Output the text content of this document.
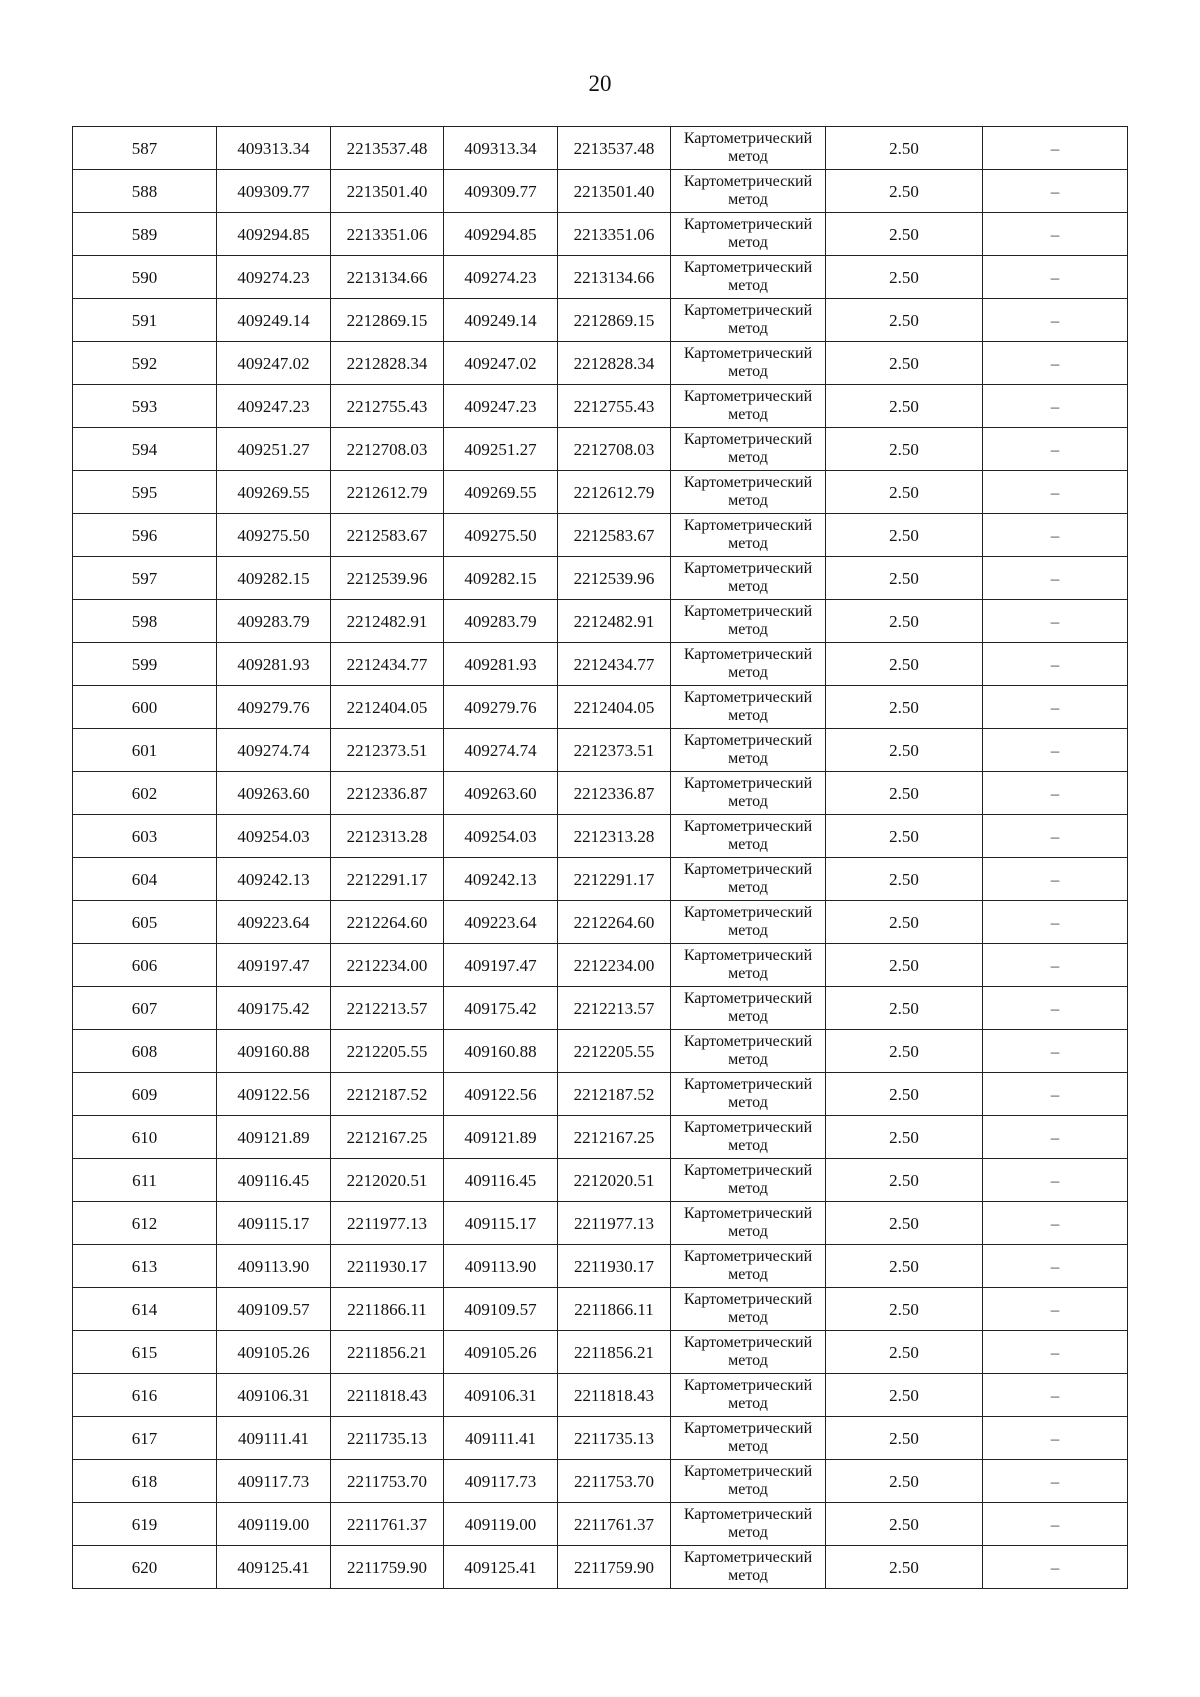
20
587	409313.34	2213537.48	409313.34	2213537.48	Картометрический метод	2.50	–
588	409309.77	2213501.40	409309.77	2213501.40	Картометрический метод	2.50	–
589	409294.85	2213351.06	409294.85	2213351.06	Картометрический метод	2.50	–
590	409274.23	2213134.66	409274.23	2213134.66	Картометрический метод	2.50	–
591	409249.14	2212869.15	409249.14	2212869.15	Картометрический метод	2.50	–
592	409247.02	2212828.34	409247.02	2212828.34	Картометрический метод	2.50	–
593	409247.23	2212755.43	409247.23	2212755.43	Картометрический метод	2.50	–
594	409251.27	2212708.03	409251.27	2212708.03	Картометрический метод	2.50	–
595	409269.55	2212612.79	409269.55	2212612.79	Картометрический метод	2.50	–
596	409275.50	2212583.67	409275.50	2212583.67	Картометрический метод	2.50	–
597	409282.15	2212539.96	409282.15	2212539.96	Картометрический метод	2.50	–
598	409283.79	2212482.91	409283.79	2212482.91	Картометрический метод	2.50	–
599	409281.93	2212434.77	409281.93	2212434.77	Картометрический метод	2.50	–
600	409279.76	2212404.05	409279.76	2212404.05	Картометрический метод	2.50	–
601	409274.74	2212373.51	409274.74	2212373.51	Картометрический метод	2.50	–
602	409263.60	2212336.87	409263.60	2212336.87	Картометрический метод	2.50	–
603	409254.03	2212313.28	409254.03	2212313.28	Картометрический метод	2.50	–
604	409242.13	2212291.17	409242.13	2212291.17	Картометрический метод	2.50	–
605	409223.64	2212264.60	409223.64	2212264.60	Картометрический метод	2.50	–
606	409197.47	2212234.00	409197.47	2212234.00	Картометрический метод	2.50	–
607	409175.42	2212213.57	409175.42	2212213.57	Картометрический метод	2.50	–
608	409160.88	2212205.55	409160.88	2212205.55	Картометрический метод	2.50	–
609	409122.56	2212187.52	409122.56	2212187.52	Картометрический метод	2.50	–
610	409121.89	2212167.25	409121.89	2212167.25	Картометрический метод	2.50	–
611	409116.45	2212020.51	409116.45	2212020.51	Картометрический метод	2.50	–
612	409115.17	2211977.13	409115.17	2211977.13	Картометрический метод	2.50	–
613	409113.90	2211930.17	409113.90	2211930.17	Картометрический метод	2.50	–
614	409109.57	2211866.11	409109.57	2211866.11	Картометрический метод	2.50	–
615	409105.26	2211856.21	409105.26	2211856.21	Картометрический метод	2.50	–
616	409106.31	2211818.43	409106.31	2211818.43	Картометрический метод	2.50	–
617	409111.41	2211735.13	409111.41	2211735.13	Картометрический метод	2.50	–
618	409117.73	2211753.70	409117.73	2211753.70	Картометрический метод	2.50	–
619	409119.00	2211761.37	409119.00	2211761.37	Картометрический метод	2.50	–
620	409125.41	2211759.90	409125.41	2211759.90	Картометрический метод	2.50	–
